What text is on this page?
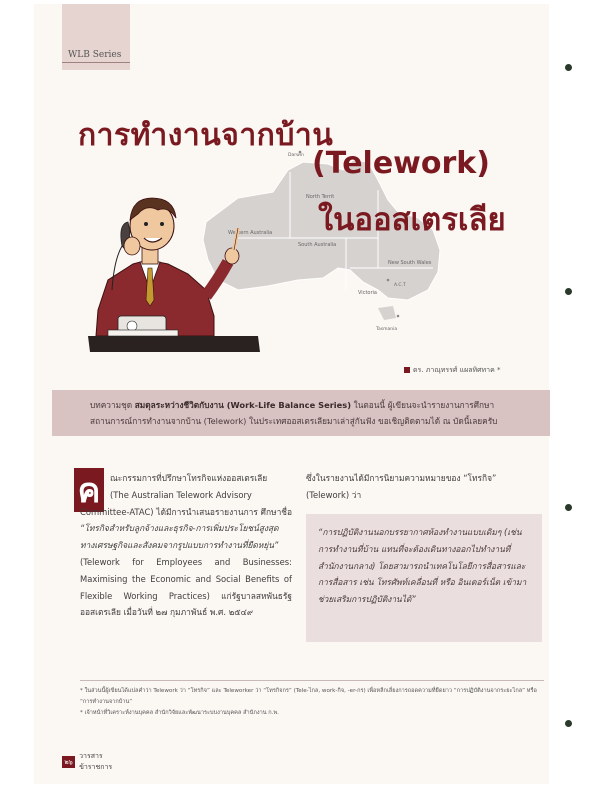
WLB Series
Darwin
North Territ
Western Australia
South Australia
New South Wales
A.C.T
Victoria
Tasmania
การทำงานจากบ้าน
(Telework)
ในออสเตรเลีย
ดร. ภาณุทรรศ์ แผลทิศทาค *
บทความชุด สมดุลระหว่างชีวิตกับงาน (Work-Life Balance Series) ในตอนนี้ ผู้เขียนจะนำรายงานการศึกษาสถานการณ์การทำงานจากบ้าน (Telework) ในประเทศออสเตรเลียมาเล่าสู่กันฟัง ขอเชิญติดตามได้ ณ บัดนี้เลยครับ
ค	ณะกรรมการที่ปรึกษาโทรกิจแห่งออสเตรเลีย
(The Australian Telework Advisory
Committee-ATAC) ได้มีการนำเสนอรายงานการ ศึกษาชื่อ “โทรกิจสำหรับลูกจ้างและธุรกิจ-การเพิ่มประโยชน์สูงสุดทางเศรษฐกิจและสังคมจากรูปแบบการทำงานที่ยืดหยุ่น” (Telework for Employees and Businesses: Maximising the Economic and Social Benefits of Flexible Working Practices) แก่รัฐบาลสหพันธรัฐออสเตรเลีย เมื่อวันที่ ๒๗ กุมภาพันธ์ พ.ศ. ๒๕๔๙
ซึ่งในรายงานได้มีการนิยามความหมายของ “โทรกิจ” (Telework) ว่า
“การปฏิบัติงานนอกบรรยากาศห้องทำงานแบบเดิมๆ (เช่น การทำงานที่บ้าน แทนที่จะต้องเดินทางออกไปทำงานที่สำนักงานกลาง) โดยสามารถนำเทคโนโลยีการสื่อสารและการสื่อสาร เช่น โทรศัพท์เคลื่อนที่ หรือ อินเตอร์เน็ต เข้ามาช่วยเสริมการปฏิบัติงานได้”
* ในส่วนนี้ผู้เขียนได้แปลคำว่า Telework ว่า “โทรกิจ” และ Teleworker ว่า “โทรกิจกร” (Tele-ไกล, work-กิจ, -er-กร) เพื่อหลีกเลี่ยงการถอดความที่ยืดยาว “การปฏิบัติงานจากระยะไกล” หรือ “การทำงานจากบ้าน”
* เจ้าหน้าที่วิเคราะห์งานบุคคล สำนักวิจัยและพัฒนาระบบงานบุคคล สำนักงาน ก.พ.
๒๖
วารสารข้าราชการ
